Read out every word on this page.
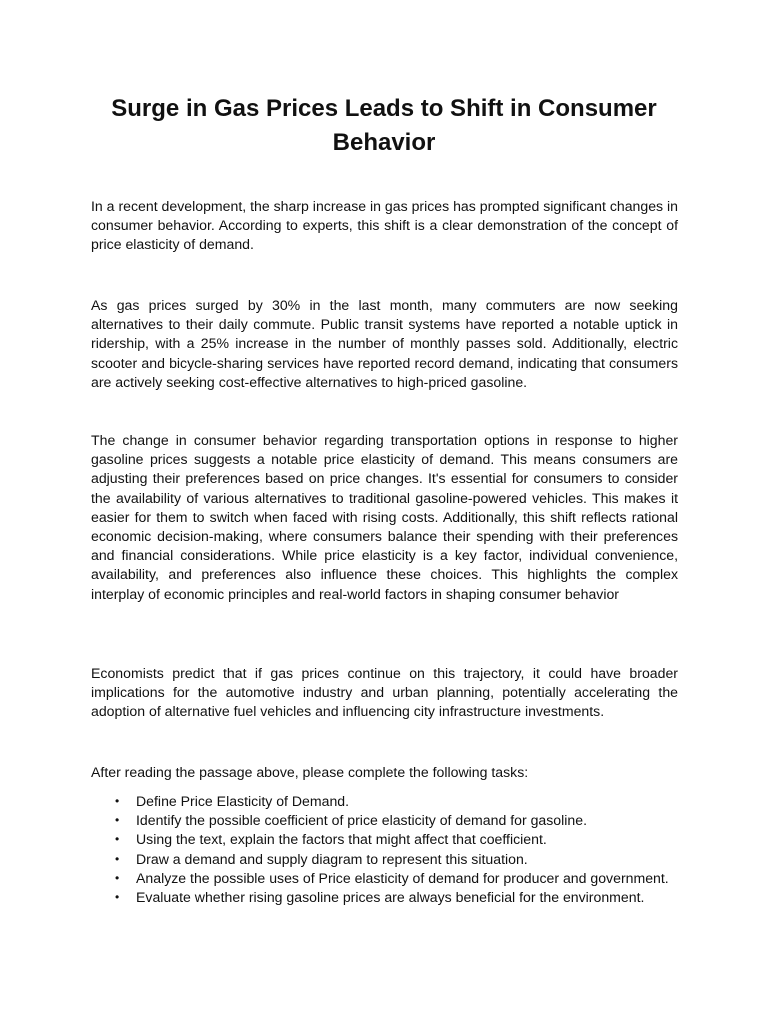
Surge in Gas Prices Leads to Shift in Consumer Behavior

In a recent development, the sharp increase in gas prices has prompted significant changes in consumer behavior. According to experts, this shift is a clear demonstration of the concept of price elasticity of demand.

As gas prices surged by 30% in the last month, many commuters are now seeking alternatives to their daily commute. Public transit systems have reported a notable uptick in ridership, with a 25% increase in the number of monthly passes sold. Additionally, electric scooter and bicycle-sharing services have reported record demand, indicating that consumers are actively seeking cost-effective alternatives to high-priced gasoline.

The change in consumer behavior regarding transportation options in response to higher gasoline prices suggests a notable price elasticity of demand. This means consumers are adjusting their preferences based on price changes. It's essential for consumers to consider the availability of various alternatives to traditional gasoline-powered vehicles. This makes it easier for them to switch when faced with rising costs. Additionally, this shift reflects rational economic decision-making, where consumers balance their spending with their preferences and financial considerations. While price elasticity is a key factor, individual convenience, availability, and preferences also influence these choices. This highlights the complex interplay of economic principles and real-world factors in shaping consumer behavior

Economists predict that if gas prices continue on this trajectory, it could have broader implications for the automotive industry and urban planning, potentially accelerating the adoption of alternative fuel vehicles and influencing city infrastructure investments.

After reading the passage above, please complete the following tasks:

• Define Price Elasticity of Demand.
• Identify the possible coefficient of price elasticity of demand for gasoline.
• Using the text, explain the factors that might affect that coefficient.
• Draw a demand and supply diagram to represent this situation.
• Analyze the possible uses of Price elasticity of demand for producer and government.
• Evaluate whether rising gasoline prices are always beneficial for the environment.
